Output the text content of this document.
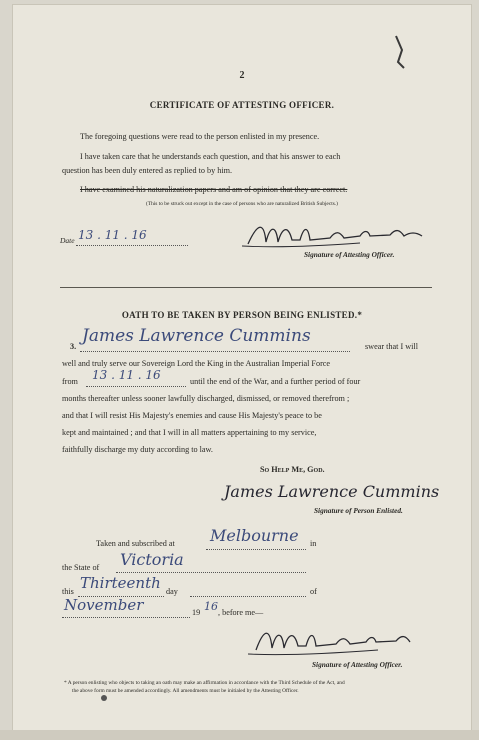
2
CERTIFICATE OF ATTESTING OFFICER.
The foregoing questions were read to the person enlisted in my presence.
I have taken care that he understands each question, and that his answer to each
question has been duly entered as replied to by him.
I have examined his naturalization papers and am of opinion that they are correct.
(This to be struck out except in the case of persons who are naturalized British Subjects.)
Date 13 . 11 . 16
Signature of Attesting Officer.
OATH TO BE TAKEN BY PERSON BEING ENLISTED.*
3.
James Lawrence Cummins
swear that I will
well and truly serve our Sovereign Lord the King in the Australian Imperial Force
from 13 . 11 . 16	until the end of the War, and a further period of four
months thereafter unless sooner lawfully discharged, dismissed, or removed therefrom ;
and that I will resist His Majesty's enemies and cause His Majesty's peace to be
kept and maintained ; and that I will in all matters appertaining to my service,
faithfully discharge my duty according to law.
So Help Me, God.
James Lawrence Cummins
Signature of Person Enlisted.
Taken and subscribed at Melbourne in
the State of Victoria
this Thirteenth day	of
November	19 16 , before me—
Signature of Attesting Officer.
* A person enlisting who objects to taking an oath may make an affirmation in accordance with the Third Schedule of the Act, and
the above form must be amended accordingly. All amendments must be initialed by the Attesting Officer.
